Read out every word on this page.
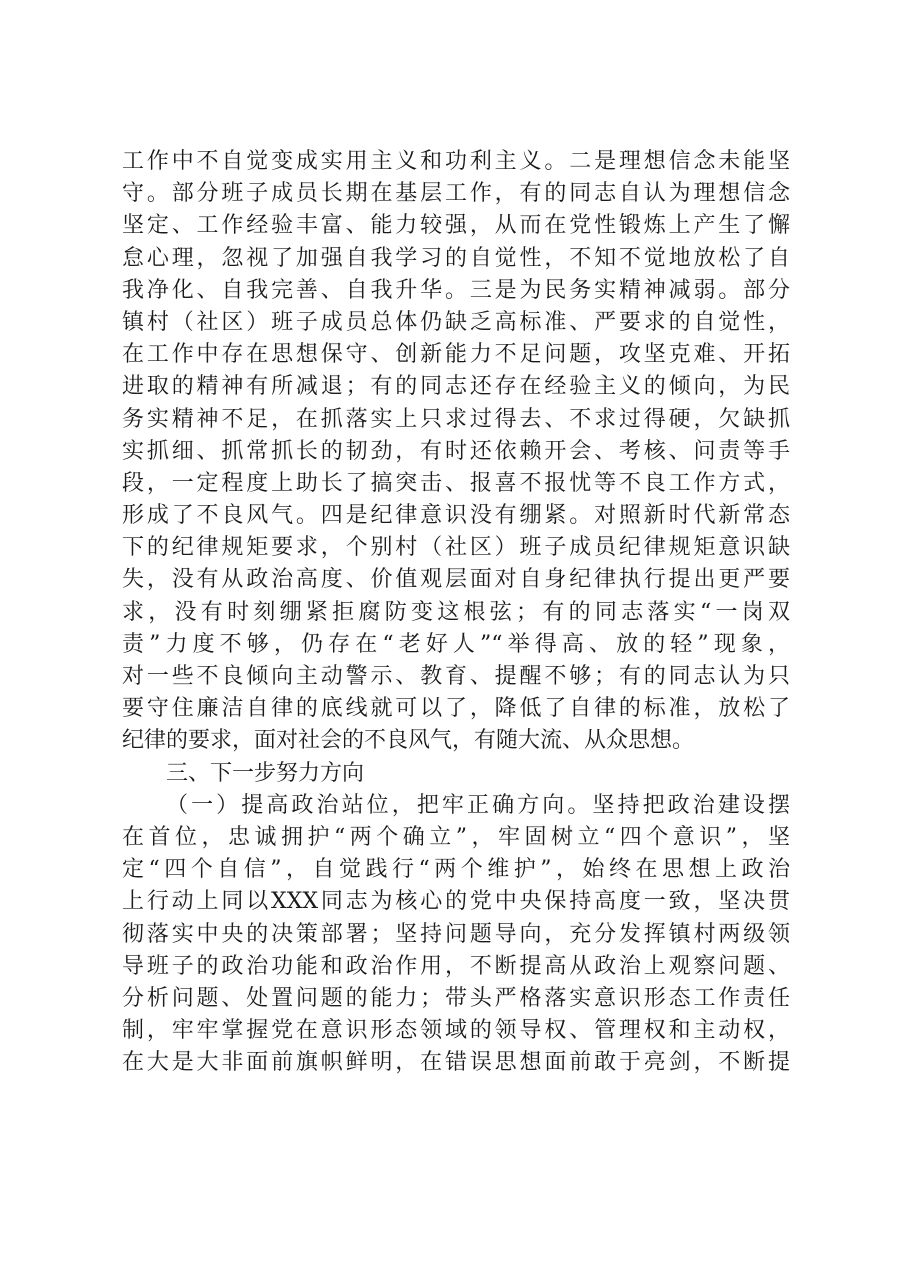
工作中不自觉变成实用主义和功利主义。二是理想信念未能坚
守。部分班子成员长期在基层工作，有的同志自认为理想信念
坚定、工作经验丰富、能力较强，从而在党性锻炼上产生了懈
怠心理，忽视了加强自我学习的自觉性，不知不觉地放松了自
我净化、自我完善、自我升华。三是为民务实精神减弱。部分
镇村（社区）班子成员总体仍缺乏高标准、严要求的自觉性，
在工作中存在思想保守、创新能力不足问题，攻坚克难、开拓
进取的精神有所减退；有的同志还存在经验主义的倾向，为民
务实精神不足，在抓落实上只求过得去、不求过得硬，欠缺抓
实抓细、抓常抓长的韧劲，有时还依赖开会、考核、问责等手
段，一定程度上助长了搞突击、报喜不报忧等不良工作方式，
形成了不良风气。四是纪律意识没有绷紧。对照新时代新常态
下的纪律规矩要求，个别村（社区）班子成员纪律规矩意识缺
失，没有从政治高度、价值观层面对自身纪律执行提出更严要
求，没有时刻绷紧拒腐防变这根弦；有的同志落实“一岗双
责”力度不够，仍存在“老好人”“举得高、放的轻”现象，
对一些不良倾向主动警示、教育、提醒不够；有的同志认为只
要守住廉洁自律的底线就可以了，降低了自律的标准，放松了
纪律的要求，面对社会的不良风气，有随大流、从众思想。
三、下一步努力方向
（一）提高政治站位，把牢正确方向。坚持把政治建设摆
在首位，忠诚拥护“两个确立”，牢固树立“四个意识”，坚
定“四个自信”，自觉践行“两个维护”，始终在思想上政治
上行动上同以XXX同志为核心的党中央保持高度一致，坚决贯
彻落实中央的决策部署；坚持问题导向，充分发挥镇村两级领
导班子的政治功能和政治作用，不断提高从政治上观察问题、
分析问题、处置问题的能力；带头严格落实意识形态工作责任
制，牢牢掌握党在意识形态领域的领导权、管理权和主动权，
在大是大非面前旗帜鲜明，在错误思想面前敢于亮剑，不断提
